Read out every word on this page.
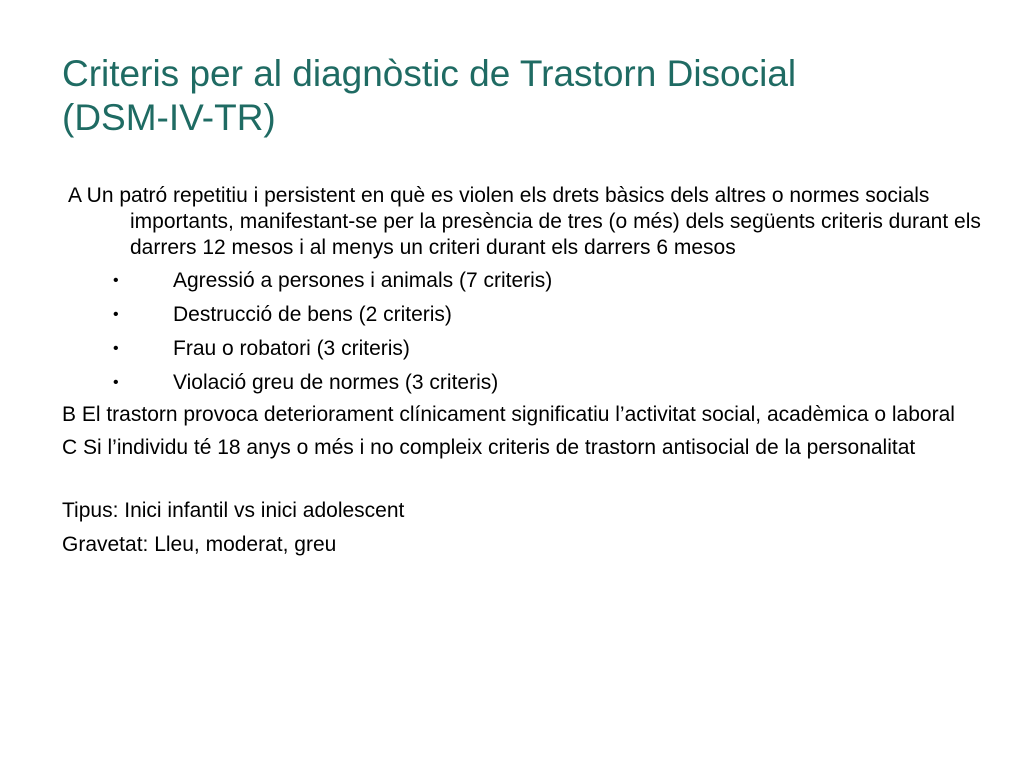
Criteris per al diagnòstic de Trastorn Disocial
(DSM-IV-TR)
A Un patró repetitiu i persistent en què es violen els drets bàsics dels altres o normes socials importants, manifestant-se per la presència de tres (o més) dels següents criteris durant els darrers 12 mesos i al menys un criteri durant els darrers 6 mesos
•	Agressió a persones i animals (7 criteris)
•	Destrucció de bens (2 criteris)
•	Frau o robatori (3 criteris)
•	Violació greu de normes (3 criteris)
B El trastorn provoca deteriorament clínicament significatiu l’activitat social, acadèmica o laboral
C Si l’individu té 18 anys o més i no compleix criteris de trastorn antisocial de la personalitat
Tipus: Inici infantil vs inici adolescent
Gravetat: Lleu, moderat, greu
